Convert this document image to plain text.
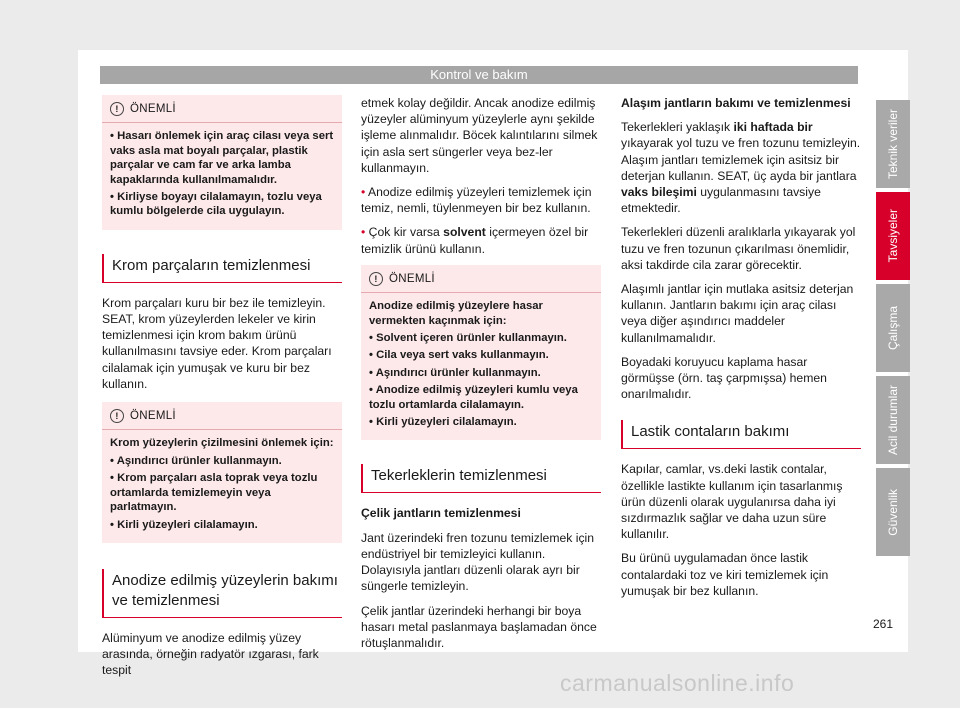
Kontrol ve bakım
! ÖNEMLİ

• Hasarı önlemek için araç cilası veya sert vaks asla mat boyalı parçalar, plastik parçalar ve cam far ve arka lamba kapaklarında kullanılmamalıdır.

• Kirliyse boyayı cilalamayın, tozlu veya kumlu bölgelerde cila uygulayın.

Krom parçaların temizlenmesi

Krom parçaları kuru bir bez ile temizleyin. SEAT, krom yüzeylerden lekeler ve kirin temizlenmesi için krom bakım ürünü kullanılmasını tavsiye eder. Krom parçaları cilalamak için yumuşak ve kuru bir bez kullanın.

! ÖNEMLİ

Krom yüzeylerin çizilmesini önlemek için:

• Aşındırıcı ürünler kullanmayın.

• Krom parçaları asla toprak veya tozlu ortamlarda temizlemeyin veya parlatmayın.

• Kirli yüzeyleri cilalamayın.

Anodize edilmiş yüzeylerin bakımı ve temizlenmesi

Alüminyum ve anodize edilmiş yüzey arasında, örneğin radyatör ızgarası, fark tespit

etmek kolay değildir. Ancak anodize edilmiş yüzeyler alüminyum yüzeylerle aynı şekilde işleme alınmalıdır. Böcek kalıntılarını silmek için asla sert süngerler veya bez-ler kullanmayın.

• Anodize edilmiş yüzeyleri temizlemek için temiz, nemli, tüylenmeyen bir bez kullanın.

• Çok kir varsa solvent içermeyen özel bir temizlik ürünü kullanın.

! ÖNEMLİ

Anodize edilmiş yüzeylere hasar vermekten kaçınmak için:

• Solvent içeren ürünler kullanmayın.

• Cila veya sert vaks kullanmayın.

• Aşındırıcı ürünler kullanmayın.

• Anodize edilmiş yüzeyleri kumlu veya tozlu ortamlarda cilalamayın.

• Kirli yüzeyleri cilalamayın.

Tekerleklerin temizlenmesi

Çelik jantların temizlenmesi

Jant üzerindeki fren tozunu temizlemek için endüstriyel bir temizleyici kullanın. Dolayısıyla jantları düzenli olarak ayrı bir süngerle temizleyin.

Çelik jantlar üzerindeki herhangi bir boya hasarı metal paslanmaya başlamadan önce rötuşlanmalıdır.

Alaşım jantların bakımı ve temizlenmesi

Tekerlekleri yaklaşık iki haftada bir yıkayarak yol tuzu ve fren tozunu temizleyin. Alaşım jantları temizlemek için asitsiz bir deterjan kullanın. SEAT, üç ayda bir jantlara vaks bileşimi uygulanmasını tavsiye etmektedir.

Tekerlekleri düzenli aralıklarla yıkayarak yol tuzu ve fren tozunun çıkarılması önemlidir, aksi takdirde cila zarar görecektir.

Alaşımlı jantlar için mutlaka asitsiz deterjan kullanın. Jantların bakımı için araç cilası veya diğer aşındırıcı maddeler kullanılmamalıdır.

Boyadaki koruyucu kaplama hasar görmüşse (örn. taş çarpmışsa) hemen onarılmalıdır.

Lastik contaların bakımı

Kapılar, camlar, vs.deki lastik contalar, özellikle lastikte kullanım için tasarlanmış ürün düzenli olarak uygulanırsa daha iyi sızdırmazlık sağlar ve daha uzun süre kullanılır.

Bu ürünü uygulamadan önce lastik contalardaki toz ve kiri temizlemek için yumuşak bir bez kullanın.

Teknik veriler
Tavsiyeler
Çalışma
Acil durumlar
Güvenlik
261
carmanualsonline.info
